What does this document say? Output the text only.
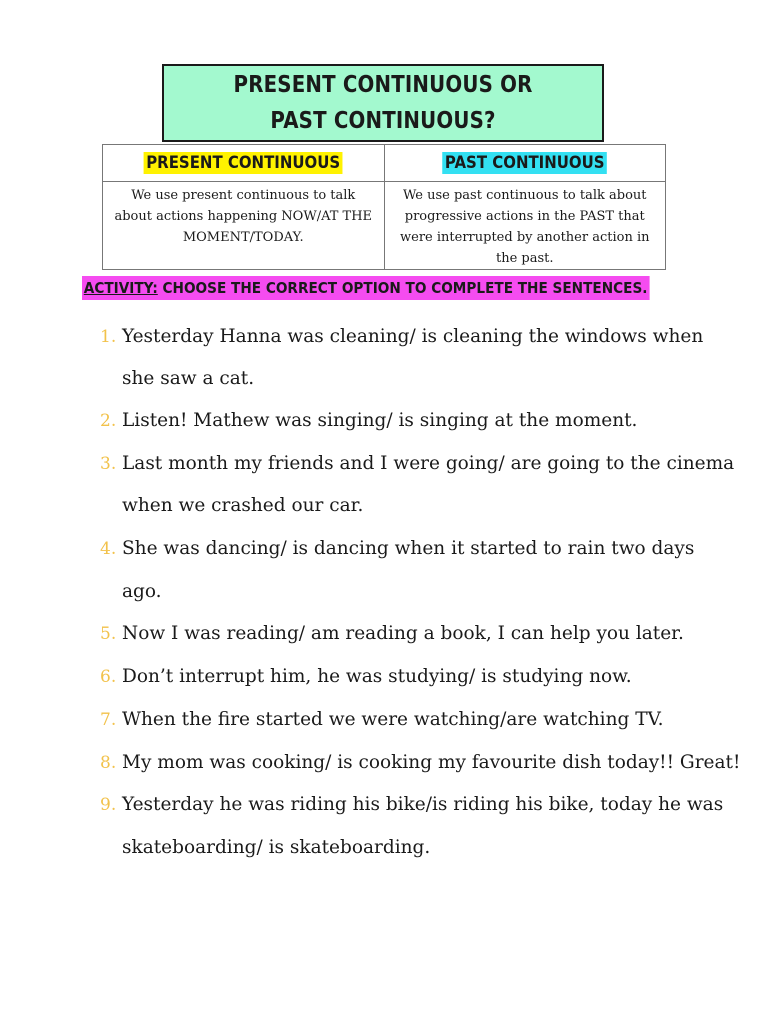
PRESENT CONTINUOUS OR PAST CONTINUOUS?
PRESENT CONTINUOUS	PAST CONTINUOUS
We use present continuous to talk about actions happening NOW/AT THE MOMENT/TODAY.	We use past continuous to talk about progressive actions in the PAST that were interrupted by another action in the past.
ACTIVITY: CHOOSE THE CORRECT OPTION TO COMPLETE THE SENTENCES.
1. Yesterday Hanna was cleaning/ is cleaning the windows when
she saw a cat.
2. Listen! Mathew was singing/ is singing at the moment.
3. Last month my friends and I were going/ are going to the cinema
when we crashed our car.
4. She was dancing/ is dancing when it started to rain two days
ago.
5. Now I was reading/ am reading a book, I can help you later.
6. Don’t interrupt him, he was studying/ is studying now.
7. When the fire started we were watching/are watching TV.
8. My mom was cooking/ is cooking my favourite dish today!! Great!
9. Yesterday he was riding his bike/is riding his bike, today he was
skateboarding/ is skateboarding.
